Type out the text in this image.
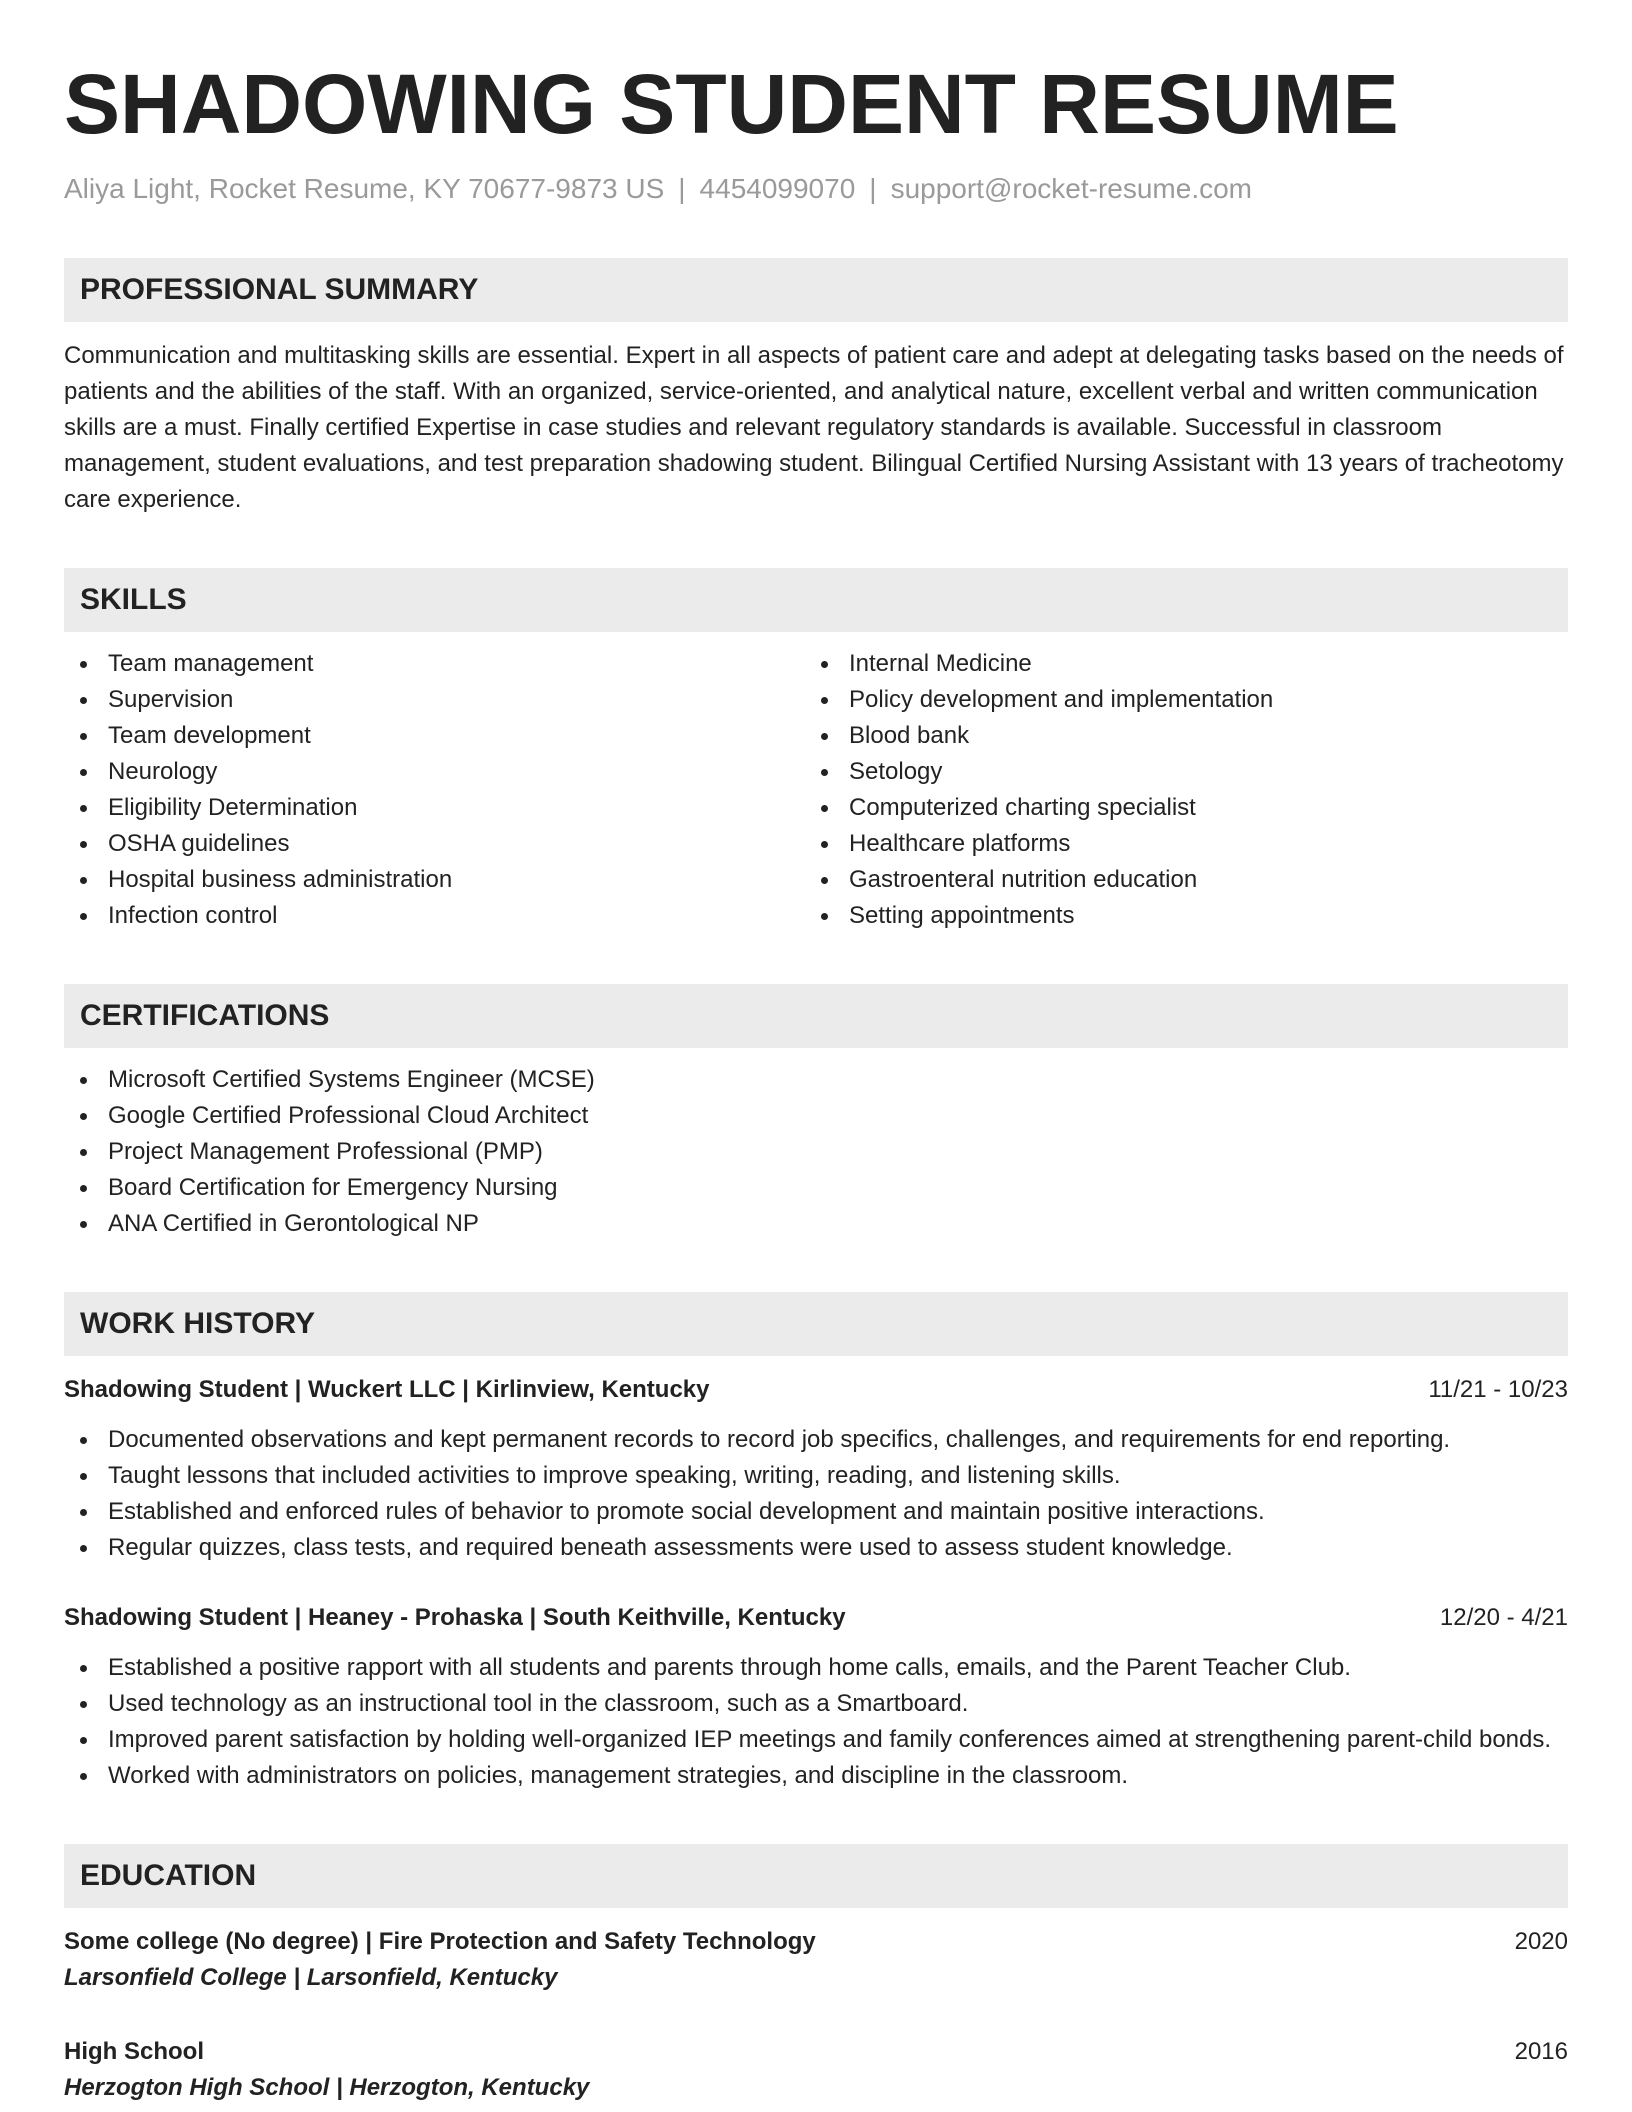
SHADOWING STUDENT RESUME
Aliya Light, Rocket Resume, KY 70677-9873 US | 4454099070 | support@rocket-resume.com
PROFESSIONAL SUMMARY
Communication and multitasking skills are essential. Expert in all aspects of patient care and adept at delegating tasks based on the needs of patients and the abilities of the staff. With an organized, service-oriented, and analytical nature, excellent verbal and written communication skills are a must. Finally certified Expertise in case studies and relevant regulatory standards is available. Successful in classroom management, student evaluations, and test preparation shadowing student. Bilingual Certified Nursing Assistant with 13 years of tracheotomy care experience.
SKILLS
Team management
Supervision
Team development
Neurology
Eligibility Determination
OSHA guidelines
Hospital business administration
Infection control
Internal Medicine
Policy development and implementation
Blood bank
Setology
Computerized charting specialist
Healthcare platforms
Gastroenteral nutrition education
Setting appointments
CERTIFICATIONS
Microsoft Certified Systems Engineer (MCSE)
Google Certified Professional Cloud Architect
Project Management Professional (PMP)
Board Certification for Emergency Nursing
ANA Certified in Gerontological NP
WORK HISTORY
Shadowing Student | Wuckert LLC | Kirlinview, Kentucky	11/21 - 10/23
Documented observations and kept permanent records to record job specifics, challenges, and requirements for end reporting.
Taught lessons that included activities to improve speaking, writing, reading, and listening skills.
Established and enforced rules of behavior to promote social development and maintain positive interactions.
Regular quizzes, class tests, and required beneath assessments were used to assess student knowledge.
Shadowing Student | Heaney - Prohaska | South Keithville, Kentucky	12/20 - 4/21
Established a positive rapport with all students and parents through home calls, emails, and the Parent Teacher Club.
Used technology as an instructional tool in the classroom, such as a Smartboard.
Improved parent satisfaction by holding well-organized IEP meetings and family conferences aimed at strengthening parent-child bonds.
Worked with administrators on policies, management strategies, and discipline in the classroom.
EDUCATION
Some college (No degree) | Fire Protection and Safety Technology	2020
Larsonfield College | Larsonfield, Kentucky
High School	2016
Herzogton High School | Herzogton, Kentucky
